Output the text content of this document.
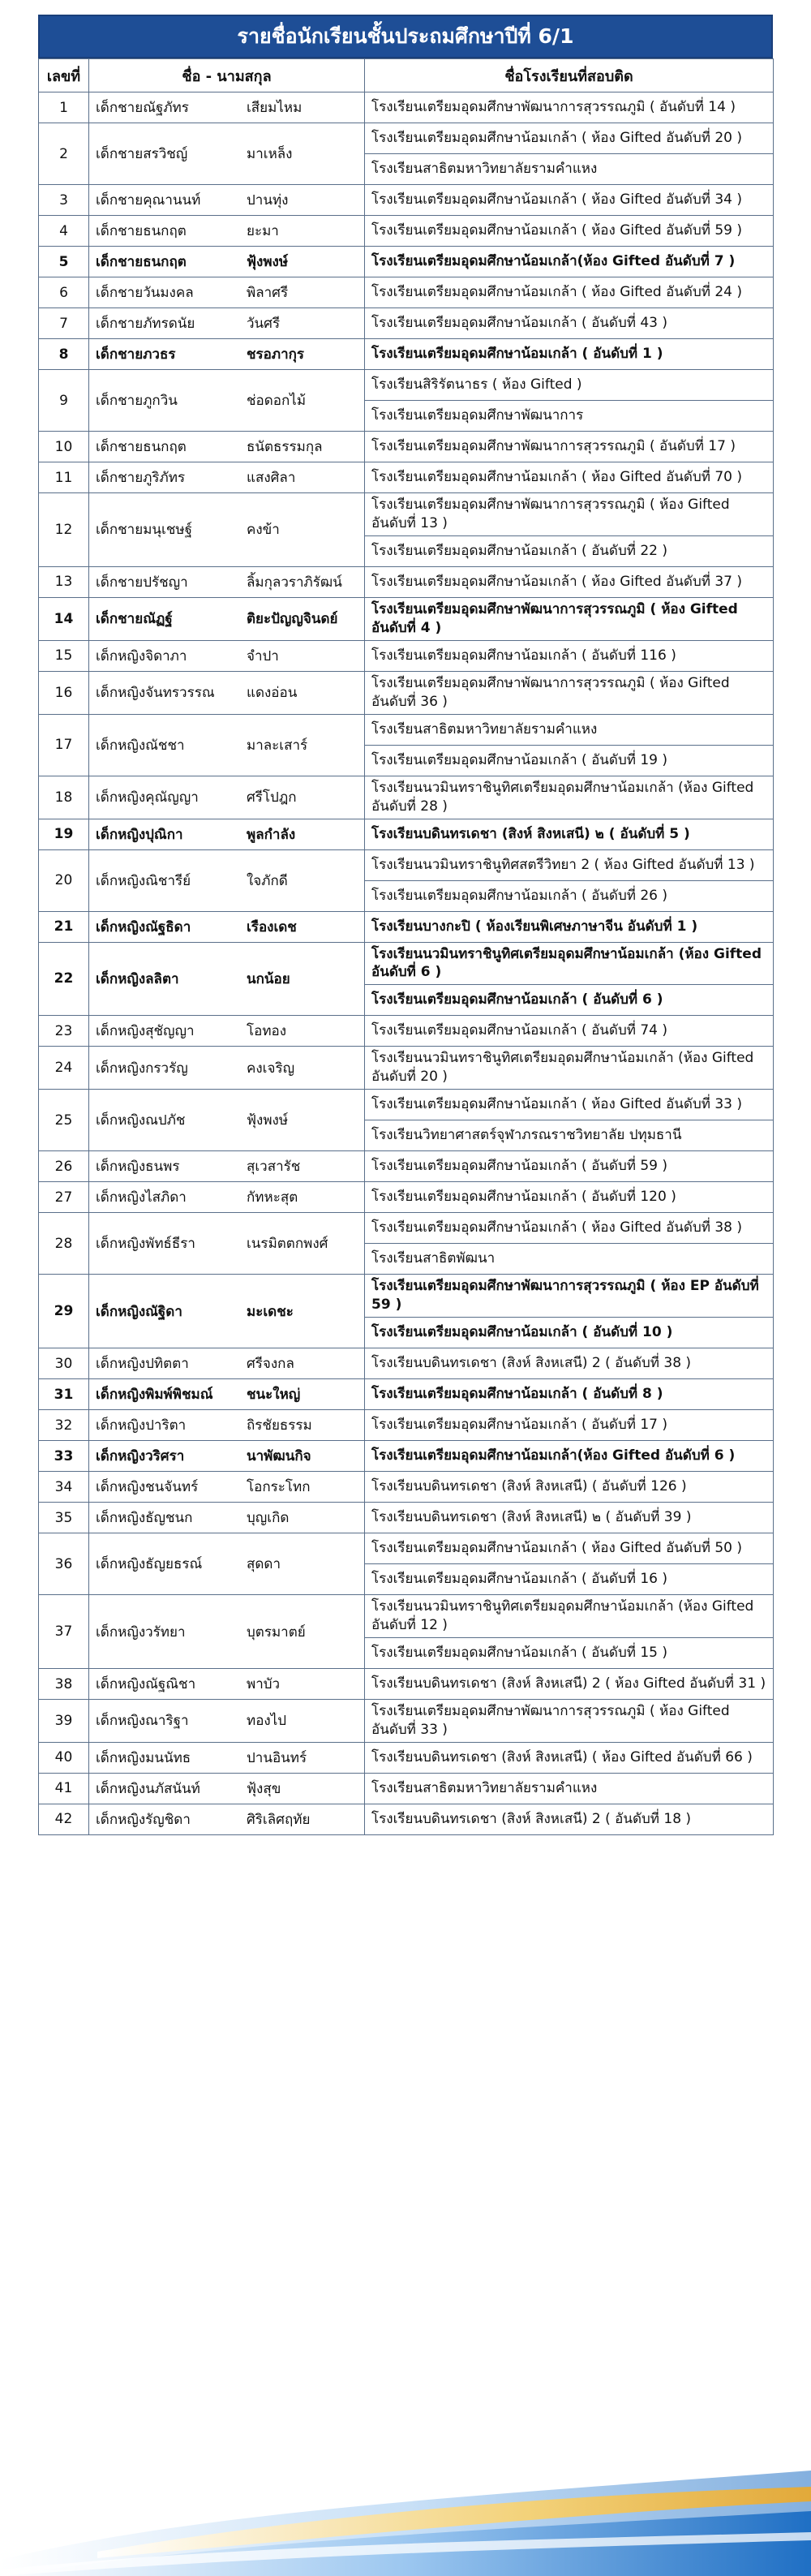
รายชื่อนักเรียนชั้นประถมศึกษาปีที่ 6/1
เลขที่	ชื่อ - นามสกุล	ชื่อโรงเรียนที่สอบติด
1	เด็กชายณัฐภัทร เสียมไหม	โรงเรียนเตรียมอุดมศึกษาพัฒนาการสุวรรณภูมิ ( อันดับที่ 14 )
2	เด็กชายสรวิชญ์ มาเหล็ง	โรงเรียนเตรียมอุดมศึกษาน้อมเกล้า ( ห้อง Gifted อันดับที่ 20 )
		โรงเรียนสาธิตมหาวิทยาลัยรามคำแหง
3	เด็กชายคุณานนท์ ปานทุ่ง	โรงเรียนเตรียมอุดมศึกษาน้อมเกล้า ( ห้อง Gifted อันดับที่ 34 )
4	เด็กชายธนกฤต ยะมา	โรงเรียนเตรียมอุดมศึกษาน้อมเกล้า ( ห้อง Gifted อันดับที่ 59 )
5	เด็กชายธนกฤต ฟุ้งพงษ์	โรงเรียนเตรียมอุดมศึกษาน้อมเกล้า(ห้อง Gifted อันดับที่ 7 )
6	เด็กชายวันมงคล พิลาศรี	โรงเรียนเตรียมอุดมศึกษาน้อมเกล้า ( ห้อง Gifted อันดับที่ 24 )
7	เด็กชายภัทรดนัย วันศรี	โรงเรียนเตรียมอุดมศึกษาน้อมเกล้า ( อันดับที่ 43 )
8	เด็กชายภวธร ชรอภากุร	โรงเรียนเตรียมอุดมศึกษาน้อมเกล้า ( อันดับที่ 1 )
9	เด็กชายภูกวิน ช่อดอกไม้	โรงเรียนสิริรัตนาธร ( ห้อง Gifted )
		โรงเรียนเตรียมอุดมศึกษาพัฒนาการ
10	เด็กชายธนกฤต ธนัตธรรมกุล	โรงเรียนเตรียมอุดมศึกษาพัฒนาการสุวรรณภูมิ ( อันดับที่ 17 )
11	เด็กชายภูริภัทร แสงศิลา	โรงเรียนเตรียมอุดมศึกษาน้อมเกล้า ( ห้อง Gifted อันดับที่ 70 )
12	เด็กชายมนุเชษฐ์ คงข้า	โรงเรียนเตรียมอุดมศึกษาพัฒนาการสุวรรณภูมิ ( ห้อง Gifted อันดับที่ 13 )
		โรงเรียนเตรียมอุดมศึกษาน้อมเกล้า ( อันดับที่ 22 )
13	เด็กชายปรัชญา ลิ้มกุลวราภิรัฒน์	โรงเรียนเตรียมอุดมศึกษาน้อมเกล้า ( ห้อง Gifted อันดับที่ 37 )
14	เด็กชายณัฏฐ์ ติยะปัญญจินดย์	โรงเรียนเตรียมอุดมศึกษาพัฒนาการสุวรรณภูมิ ( ห้อง Gifted อันดับที่ 4 )
15	เด็กหญิงจิดาภา จำปา	โรงเรียนเตรียมอุดมศึกษาน้อมเกล้า ( อันดับที่ 116 )
16	เด็กหญิงจันทรวรรณ แดงอ่อน	โรงเรียนเตรียมอุดมศึกษาพัฒนาการสุวรรณภูมิ ( ห้อง Gifted อันดับที่ 36 )
17	เด็กหญิงณัชชา มาละเสาร์	โรงเรียนสาธิตมหาวิทยาลัยรามคำแหง
		โรงเรียนเตรียมอุดมศึกษาน้อมเกล้า ( อันดับที่ 19 )
18	เด็กหญิงคุณัญญา ศรีโปฎก	โรงเรียนนวมินทราชินูทิศเตรียมอุดมศึกษาน้อมเกล้า (ห้อง Gifted อันดับที่ 28 )
19	เด็กหญิงปุณิกา พูลกำลัง	โรงเรียนบดินทรเดชา (สิงห์ สิงหเสนี) ๒ ( อันดับที่ 5 )
20	เด็กหญิงณิชารีย์ ใจภักดี	โรงเรียนนวมินทราชินูทิศสตรีวิทยา 2 ( ห้อง Gifted อันดับที่ 13 )
		โรงเรียนเตรียมอุดมศึกษาน้อมเกล้า ( อันดับที่ 26 )
21	เด็กหญิงณัฐธิดา เรืองเดช	โรงเรียนบางกะปิ ( ห้องเรียนพิเศษภาษาจีน อันดับที่ 1 )
22	เด็กหญิงลลิตา นกน้อย	โรงเรียนนวมินทราชินูทิศเตรียมอุดมศึกษาน้อมเกล้า (ห้อง Gifted อันดับที่ 6 )
		โรงเรียนเตรียมอุดมศึกษาน้อมเกล้า ( อันดับที่ 6 )
23	เด็กหญิงสุชัญญา โอทอง	โรงเรียนเตรียมอุดมศึกษาน้อมเกล้า ( อันดับที่ 74 )
24	เด็กหญิงกรวรัญ คงเจริญ	โรงเรียนนวมินทราชินูทิศเตรียมอุดมศึกษาน้อมเกล้า (ห้อง Gifted อันดับที่ 20 )
25	เด็กหญิงณปภัช ฟุ้งพงษ์	โรงเรียนเตรียมอุดมศึกษาน้อมเกล้า ( ห้อง Gifted อันดับที่ 33 )
		โรงเรียนวิทยาศาสตร์จุฬาภรณราชวิทยาลัย ปทุมธานี
26	เด็กหญิงธนพร สุเวสารัช	โรงเรียนเตรียมอุดมศึกษาน้อมเกล้า ( อันดับที่ 59 )
27	เด็กหญิงไสภิดา กัทหะสุต	โรงเรียนเตรียมอุดมศึกษาน้อมเกล้า ( อันดับที่ 120 )
28	เด็กหญิงพัทธ์ธีรา เนรมิตตกพงศ์	โรงเรียนเตรียมอุดมศึกษาน้อมเกล้า ( ห้อง Gifted อันดับที่ 38 )
		โรงเรียนสาธิตพัฒนา
29	เด็กหญิงณัฐิดา มะเดชะ	โรงเรียนเตรียมอุดมศึกษาพัฒนาการสุวรรณภูมิ ( ห้อง EP อันดับที่ 59 )
		โรงเรียนเตรียมอุดมศึกษาน้อมเกล้า ( อันดับที่ 10 )
30	เด็กหญิงปทิตตา ศรีจงกล	โรงเรียนบดินทรเดชา (สิงห์ สิงหเสนี) 2 ( อันดับที่ 38 )
31	เด็กหญิงพิมพ์พิชมณ์ ชนะใหญ่	โรงเรียนเตรียมอุดมศึกษาน้อมเกล้า ( อันดับที่ 8 )
32	เด็กหญิงปาริตา ถิรชัยธรรม	โรงเรียนเตรียมอุดมศึกษาน้อมเกล้า ( อันดับที่ 17 )
33	เด็กหญิงวริศรา นาพัฒนกิจ	โรงเรียนเตรียมอุดมศึกษาน้อมเกล้า(ห้อง Gifted อันดับที่ 6 )
34	เด็กหญิงชนจันทร์ โอกระโทก	โรงเรียนบดินทรเดชา (สิงห์ สิงหเสนี) ( อันดับที่ 126 )
35	เด็กหญิงธัญชนก บุญเกิด	โรงเรียนบดินทรเดชา (สิงห์ สิงหเสนี) ๒ ( อันดับที่ 39 )
36	เด็กหญิงธัญยธรณ์ สุดดา	โรงเรียนเตรียมอุดมศึกษาน้อมเกล้า ( ห้อง Gifted อันดับที่ 50 )
		โรงเรียนเตรียมอุดมศึกษาน้อมเกล้า ( อันดับที่ 16 )
37	เด็กหญิงวรัทยา บุตรมาตย์	โรงเรียนนวมินทราชินูทิศเตรียมอุดมศึกษาน้อมเกล้า (ห้อง Gifted อันดับที่ 12 )
		โรงเรียนเตรียมอุดมศึกษาน้อมเกล้า ( อันดับที่ 15 )
38	เด็กหญิงณัฐณิชา พาบัว	โรงเรียนบดินทรเดชา (สิงห์ สิงหเสนี) 2 ( ห้อง Gifted อันดับที่ 31 )
39	เด็กหญิงณาริฐา ทองไป	โรงเรียนเตรียมอุดมศึกษาพัฒนาการสุวรรณภูมิ ( ห้อง Gifted อันดับที่ 33 )
40	เด็กหญิงมนนัทธ ปานอินทร์	โรงเรียนบดินทรเดชา (สิงห์ สิงหเสนี) ( ห้อง Gifted อันดับที่ 66 )
41	เด็กหญิงนภัสนันท์ ฟุ้งสุข	โรงเรียนสาธิตมหาวิทยาลัยรามคำแหง
42	เด็กหญิงรัญชิดา ศิริเลิศฤทัย	โรงเรียนบดินทรเดชา (สิงห์ สิงหเสนี) 2 ( อันดับที่ 18 )
